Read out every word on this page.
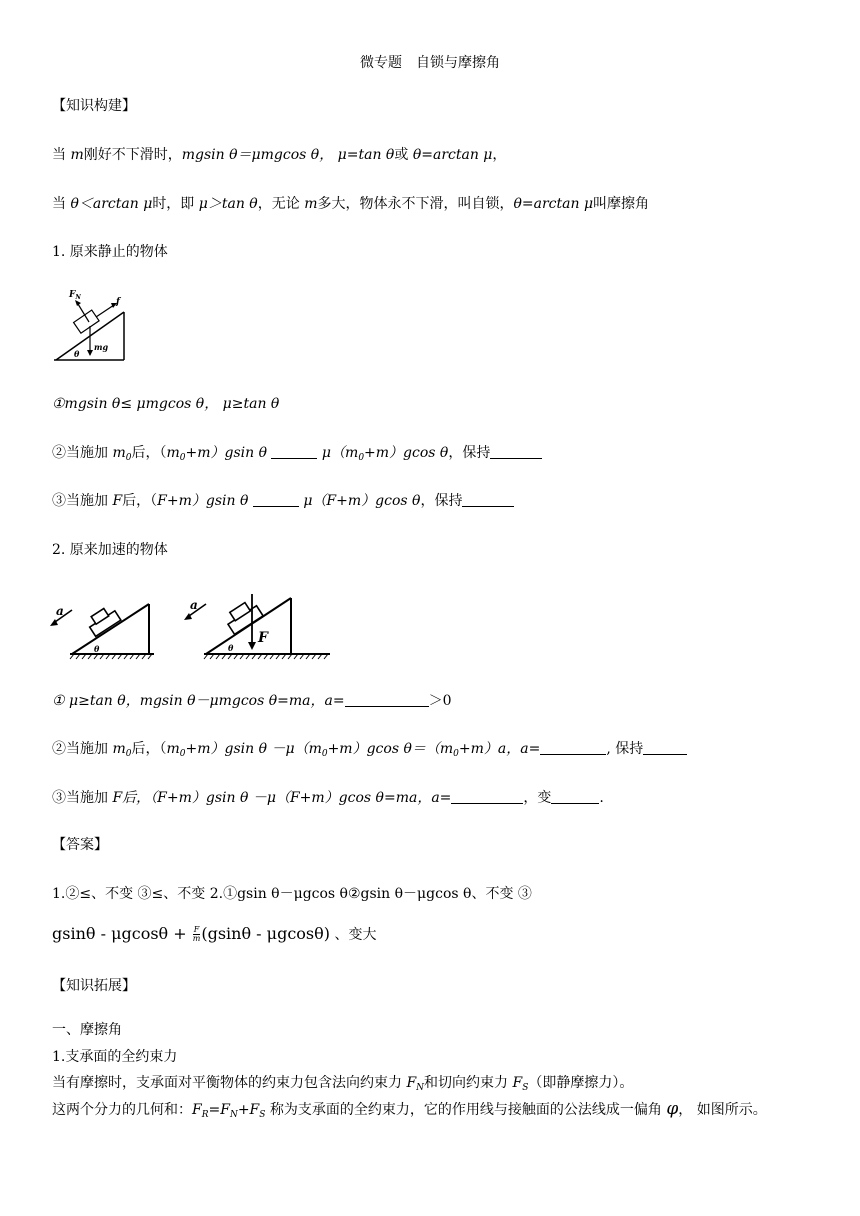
微专题　自锁与摩擦角
【知识构建】
当 m刚好不下滑时，mgsin θ＝μmgcos θ， μ=tan θ或 θ=arctan μ，
当 θ＜arctan μ时，即 μ＞tan θ，无论 m多大，物体永不下滑，叫自锁，θ=arctan μ叫摩擦角
1. 原来静止的物体
$F_N$	f
mg
θ
①mgsin θ≤ μmgcos θ， μ≥tan θ
②当施加 $m_0$后，$(m_0+m)gsin$ θ	$\mu(m_0+m)gcos$ θ，保持
③当施加 F后，（F+m）gsin θ	μ（F+m）gcos θ，保持
2. 原来加速的物体
a
θ
a
F
θ
① μ≥tan θ，mgsin θ－μmgcos θ=ma，a=	＞0
②当施加 $m_0$后，$(m_0+m)gsin$ $\theta -\mu(m_0+m)gcos$ $\theta=(m_0+m)a$，a=	, 保持
③当施加 F后，（F+m）gsin θ －μ（F+m）gcos θ=ma，a=	，变	.
【答案】
1.②≤、不变 ③≤、不变 2.①gsin θ－μgcos θ②gsin θ－μgcos θ、不变 ③
$gsin\theta - \mu gcos\theta + \frac{F}{m} (gsin\theta - \mu gcos\theta)$ 、变大
【知识拓展】
一、摩擦角
1.支承面的全约束力
当有摩擦时，支承面对平衡物体的约束力包含法向约束力 $F_N$和切向约束力 $F_S$（即静摩擦力）。
这两个分力的几何和：$F_R=F_N+F_S$ 称为支承面的全约束力，它的作用线与接触面的公法线成一偏角 φ， 如图所示。
